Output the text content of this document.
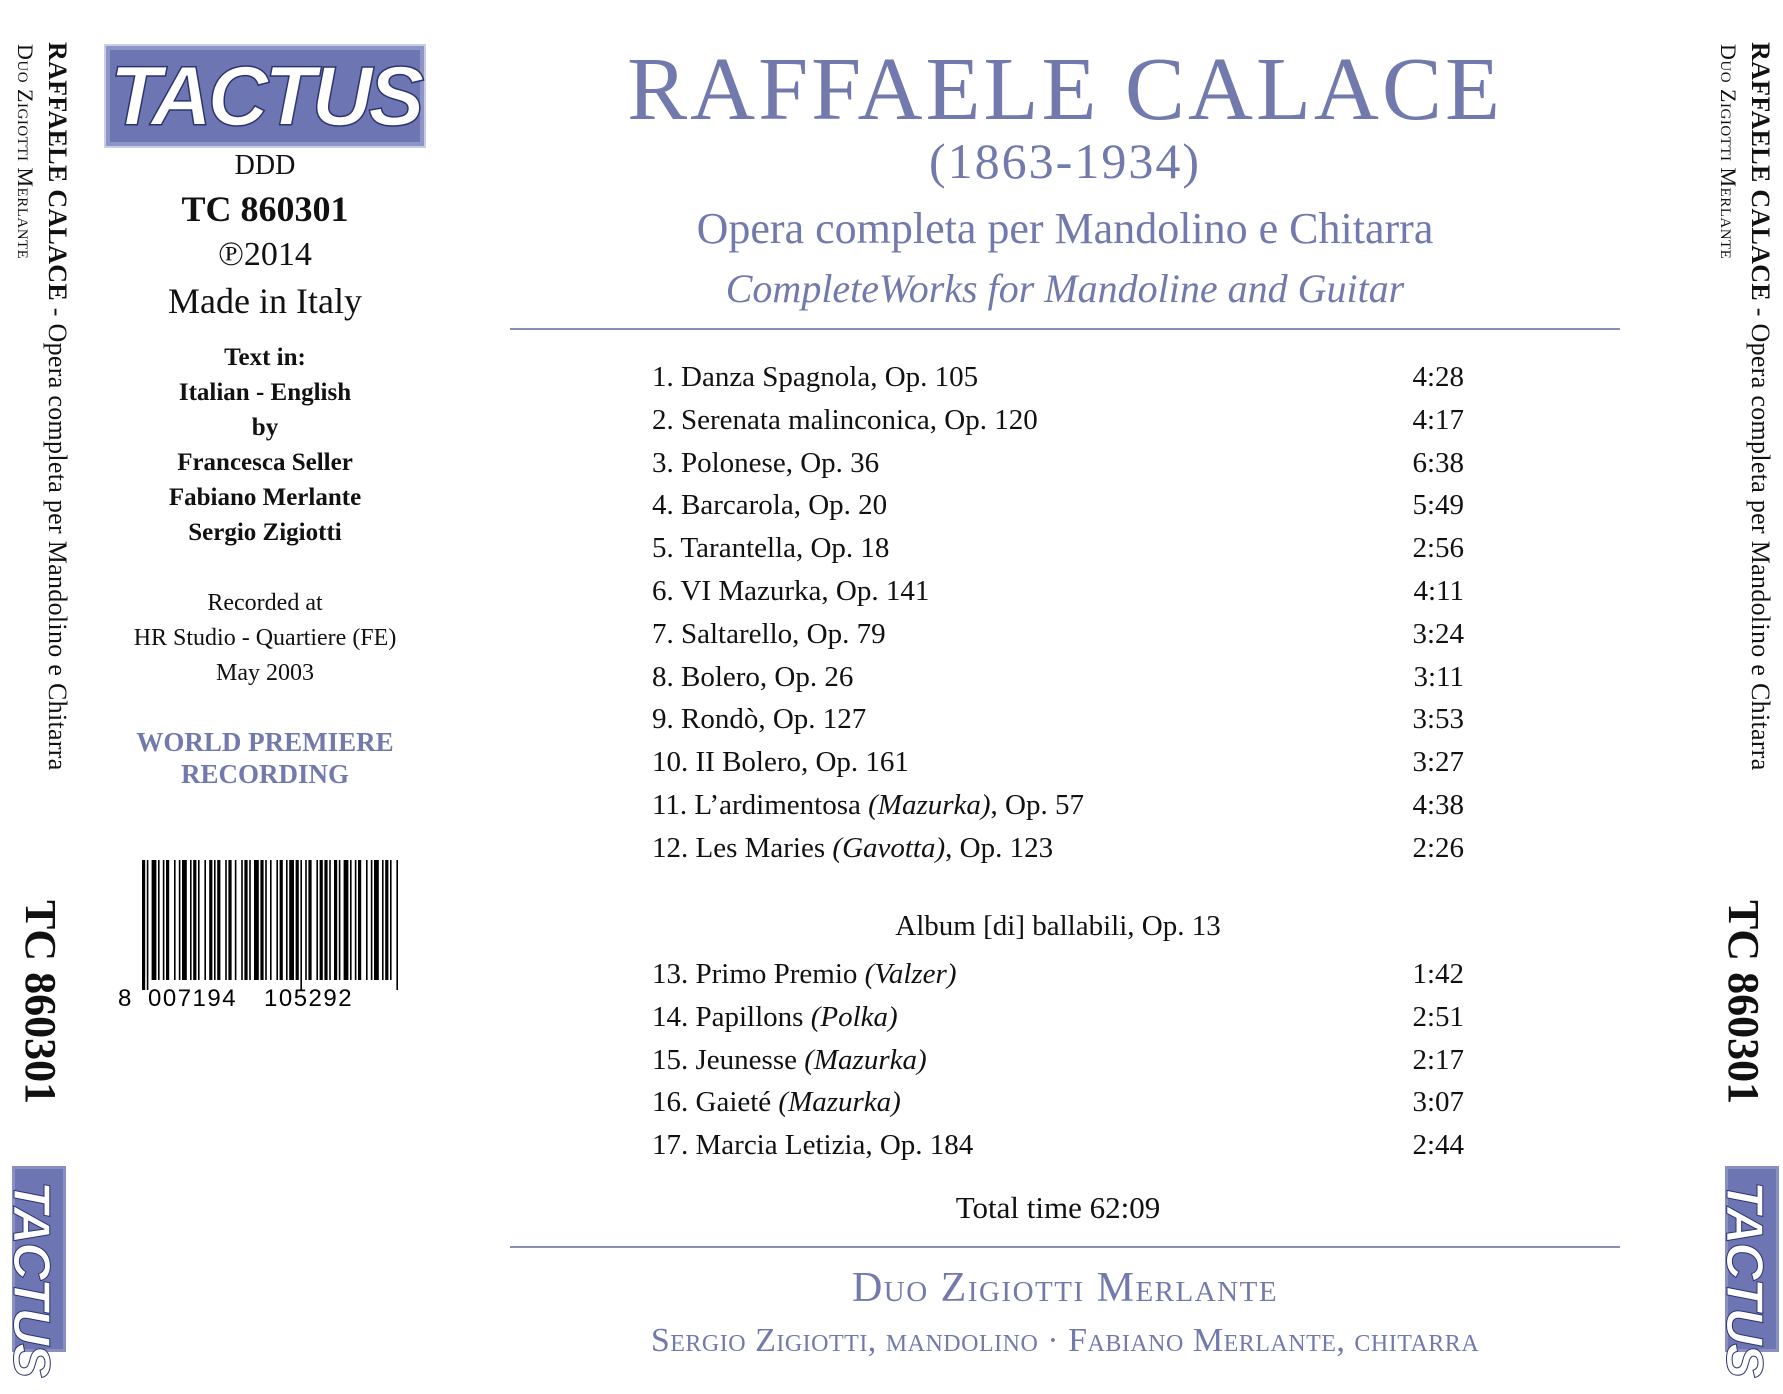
RAFFAELE CALACE - Opera completa per Mandolino e Chitarra
Duo Zigiotti Merlante
TC 860301
TACTUS
RAFFAELE CALACE - Opera completa per Mandolino e Chitarra
Duo Zigiotti Merlante
TC 860301
TACTUS
TACTUS
DDD
TC 860301
℗2014
Made in Italy
Text in:
Italian - English
by
Francesca Seller
Fabiano Merlante
Sergio Zigiotti
Recorded at
HR Studio - Quartiere (FE)
May 2003
WORLD PREMIERE
RECORDING
8 007194 105292
RAFFAELE CALACE
(1863-1934)
Opera completa per Mandolino e Chitarra
CompleteWorks for Mandoline and Guitar
1. Danza Spagnola, Op. 105	4:28
2. Serenata malinconica, Op. 120	4:17
3. Polonese, Op. 36	6:38
4. Barcarola, Op. 20	5:49
5. Tarantella, Op. 18	2:56
6. VI Mazurka, Op. 141	4:11
7. Saltarello, Op. 79	3:24
8. Bolero, Op. 26	3:11
9. Rondò, Op. 127	3:53
10. II Bolero, Op. 161	3:27
11. L’ardimentosa (Mazurka), Op. 57	4:38
12. Les Maries (Gavotta), Op. 123	2:26
Album [di] ballabili, Op. 13
13. Primo Premio (Valzer)	1:42
14. Papillons (Polka)	2:51
15. Jeunesse (Mazurka)	2:17
16. Gaieté (Mazurka)	3:07
17. Marcia Letizia, Op. 184	2:44
Total time 62:09
Duo Zigiotti Merlante
Sergio Zigiotti, mandolino · Fabiano Merlante, chitarra
